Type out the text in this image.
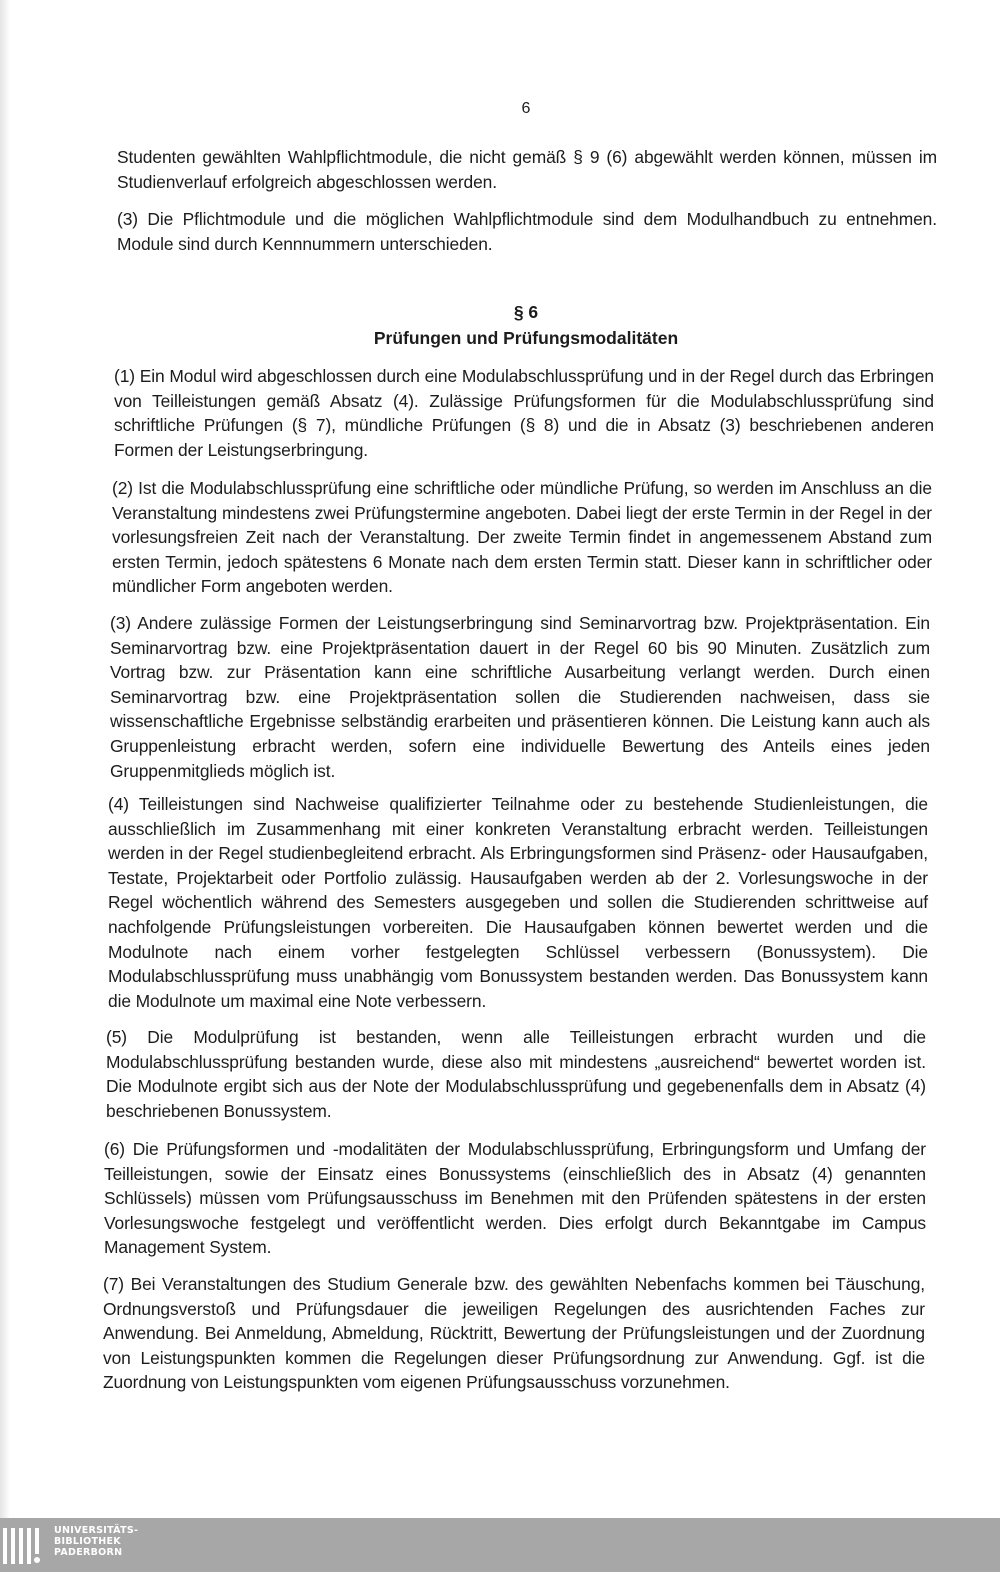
6
Studenten gewählten Wahlpflichtmodule, die nicht gemäß § 9 (6) abgewählt werden können, müssen im Studienverlauf erfolgreich abgeschlossen werden.
(3) Die Pflichtmodule und die möglichen Wahlpflichtmodule sind dem Modulhandbuch zu entnehmen. Module sind durch Kennnummern unterschieden.
§ 6
Prüfungen und Prüfungsmodalitäten
(1) Ein Modul wird abgeschlossen durch eine Modulabschlussprüfung und in der Regel durch das Erbringen von Teilleistungen gemäß Absatz (4). Zulässige Prüfungsformen für die Modulabschlussprüfung sind schriftliche Prüfungen (§ 7), mündliche Prüfungen (§ 8) und die in Absatz (3) beschriebenen anderen Formen der Leistungserbringung.
(2) Ist die Modulabschlussprüfung eine schriftliche oder mündliche Prüfung, so werden im Anschluss an die Veranstaltung mindestens zwei Prüfungstermine angeboten. Dabei liegt der erste Termin in der Regel in der vorlesungsfreien Zeit nach der Veranstaltung. Der zweite Termin findet in angemessenem Abstand zum ersten Termin, jedoch spätestens 6 Monate nach dem ersten Termin statt. Dieser kann in schriftlicher oder mündlicher Form angeboten werden.
(3) Andere zulässige Formen der Leistungserbringung sind Seminarvortrag bzw. Projektpräsentation. Ein Seminarvortrag bzw. eine Projektpräsentation dauert in der Regel 60 bis 90 Minuten. Zusätzlich zum Vortrag bzw. zur Präsentation kann eine schriftliche Ausarbeitung verlangt werden. Durch einen Seminarvortrag bzw. eine Projektpräsentation sollen die Studierenden nachweisen, dass sie wissenschaftliche Ergebnisse selbständig erarbeiten und präsentieren können. Die Leistung kann auch als Gruppenleistung erbracht werden, sofern eine individuelle Bewertung des Anteils eines jeden Gruppenmitglieds möglich ist.
(4) Teilleistungen sind Nachweise qualifizierter Teilnahme oder zu bestehende Studienleistungen, die ausschließlich im Zusammenhang mit einer konkreten Veranstaltung erbracht werden. Teilleistungen werden in der Regel studienbegleitend erbracht. Als Erbringungsformen sind Präsenz- oder Hausaufgaben, Testate, Projektarbeit oder Portfolio zulässig. Hausaufgaben werden ab der 2. Vorlesungswoche in der Regel wöchentlich während des Semesters ausgegeben und sollen die Studierenden schrittweise auf nachfolgende Prüfungsleistungen vorbereiten. Die Hausaufgaben können bewertet werden und die Modulnote nach einem vorher festgelegten Schlüssel verbessern (Bonussystem). Die Modulabschlussprüfung muss unabhängig vom Bonussystem bestanden werden. Das Bonussystem kann die Modulnote um maximal eine Note verbessern.
(5) Die Modulprüfung ist bestanden, wenn alle Teilleistungen erbracht wurden und die Modulabschlussprüfung bestanden wurde, diese also mit mindestens „ausreichend“ bewertet worden ist. Die Modulnote ergibt sich aus der Note der Modulabschlussprüfung und gegebenenfalls dem in Absatz (4) beschriebenen Bonussystem.
(6) Die Prüfungsformen und -modalitäten der Modulabschlussprüfung, Erbringungsform und Umfang der Teilleistungen, sowie der Einsatz eines Bonussystems (einschließlich des in Absatz (4) genannten Schlüssels) müssen vom Prüfungsausschuss im Benehmen mit den Prüfenden spätestens in der ersten Vorlesungswoche festgelegt und veröffentlicht werden. Dies erfolgt durch Bekanntgabe im Campus Management System.
(7) Bei Veranstaltungen des Studium Generale bzw. des gewählten Nebenfachs kommen bei Täuschung, Ordnungsverstoß und Prüfungsdauer die jeweiligen Regelungen des ausrichtenden Faches zur Anwendung. Bei Anmeldung, Abmeldung, Rücktritt, Bewertung der Prüfungsleistungen und der Zuordnung von Leistungspunkten kommen die Regelungen dieser Prüfungsordnung zur Anwendung. Ggf. ist die Zuordnung von Leistungspunkten vom eigenen Prüfungsausschuss vorzunehmen.
UNIVERSITÄTS-
BIBLIOTHEK
PADERBORN
